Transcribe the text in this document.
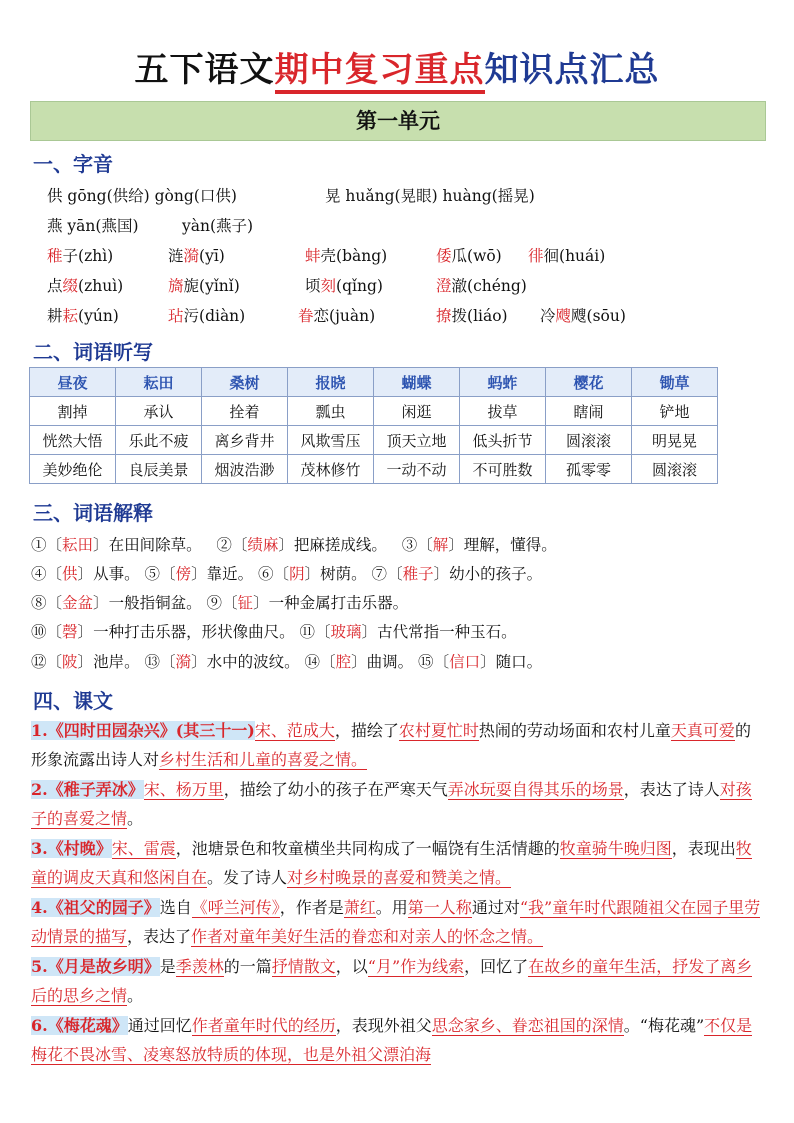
五下语文期中复习重点知识点汇总
第一单元
一、字音
供 gōng(供给) gòng(口供)	晃 huǎng(晃眼) huàng(摇晃)
燕 yān(燕国)	yàn(燕子)
稚子(zhì)	涟漪(yī)	蚌壳(bàng)	倭瓜(wō) 徘徊(huái)
点缀(zhuì)	旖旎(yǐnǐ)	顷刻(qǐng)	澄澈(chéng)
耕耘(yún)	玷污(diàn)	眷恋(juàn)	撩拨(liáo) 冷飕飕(sōu)
二、词语听写
昼夜	耘田	桑树	报晓	蝴蝶	蚂蚱	樱花	锄草
割掉	承认	拴着	瓢虫	闲逛	拔草	瞎闹	铲地
恍然大悟	乐此不疲	离乡背井	风欺雪压	顶天立地	低头折节	圆滚滚	明晃晃
美妙绝伦	良辰美景	烟波浩渺	茂林修竹	一动不动	不可胜数	孤零零	圆滚滚
三、词语解释
①〔耘田〕在田间除草。 ②〔绩麻〕把麻搓成线。 ③〔解〕理解，懂得。
④〔供〕从事。 ⑤〔傍〕靠近。 ⑥〔阴〕树荫。 ⑦〔稚子〕幼小的孩子。
⑧〔金盆〕一般指铜盆。 ⑨〔钲〕一种金属打击乐器。
⑩〔磬〕一种打击乐器，形状像曲尺。 ⑪〔玻璃〕古代常指一种玉石。
⑫〔陂〕池岸。 ⑬〔漪〕水中的波纹。 ⑭〔腔〕曲调。 ⑮〔信口〕随口。
四、课文

1.《四时田园杂兴》(其三十一)宋、范成大，描绘了农村夏忙时热闹的劳动场面和农村儿童天真可爱的形象流露出诗人对乡村生活和儿童的喜爱之情。

2.《稚子弄冰》宋、杨万里，描绘了幼小的孩子在严寒天气弄冰玩耍自得其乐的场景，表达了诗人对孩子的喜爱之情。

3.《村晚》宋、雷震，池塘景色和牧童横坐共同构成了一幅饶有生活情趣的牧童骑牛晚归图，表现出牧童的调皮天真和悠闲自在。发了诗人对乡村晚景的喜爱和赞美之情。

4.《祖父的园子》选自《呼兰河传》，作者是萧红。用第一人称通过对“我”童年时代跟随祖父在园子里劳动情景的描写，表达了作者对童年美好生活的眷恋和对亲人的怀念之情。

5.《月是故乡明》是季羡林的一篇抒情散文，以“月”作为线索，回忆了在故乡的童年生活，抒发了离乡后的思乡之情。

6.《梅花魂》通过回忆作者童年时代的经历，表现外祖父思念家乡、眷恋祖国的深情。“梅花魂”不仅是梅花不畏冰雪、凌寒怒放特质的体现，也是外祖父漂泊海
